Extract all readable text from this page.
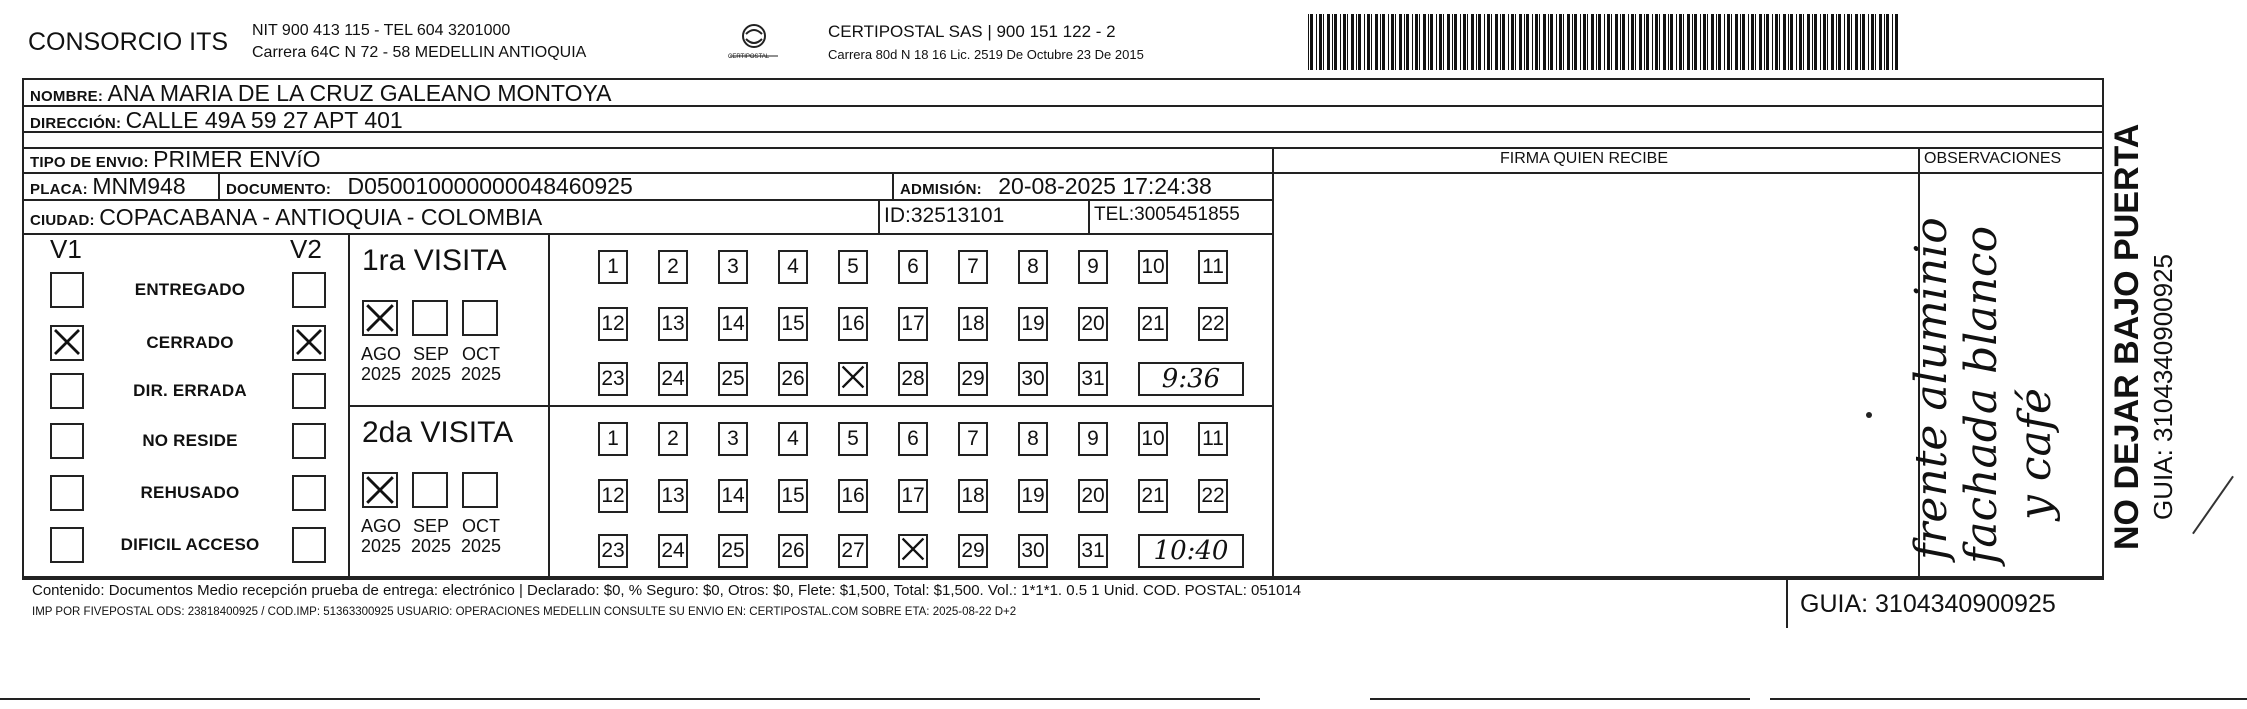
CONSORCIO ITS NIT 900 413 115 - TEL 604 3201000
Carrera 64C N 72 - 58 MEDELLIN ANTIOQUIA	CERTIPOSTAL
CERTIPOSTAL SAS | 900 151 122 - 2
Carrera 80d N 18 16 Lic. 2519 De Octubre 23 De 2015
NOMBRE: ANA MARIA DE LA CRUZ GALEANO MONTOYA
DIRECCIÓN: CALLE 49A 59 27 APT 401
TIPO DE ENVIO: PRIMER ENVíO
PLACA: MNM948	DOCUMENTO: D050010000000048460925	ADMISIÓN: 20-08-2025 17:24:38
CIUDAD: COPACABANA - ANTIOQUIA - COLOMBIA	ID:32513101	TEL:3005451855
FIRMA QUIEN RECIBE	OBSERVACIONES
frente aluminio fachada blanco y café
V1	V2
ENTREGADO
CERRADO
DIR. ERRADA
NO RESIDE
REHUSADO
DIFICIL ACCESO
1ra VISITA
AGO
2025
SEP
2025
OCT
2025
1	2	3	4	5	6	7	8	9	10 11
12 13 14 15 16 17 18 19 20 21 22
23 24 25 26	28 29 30 31	9:36
2da VISITA
AGO
2025
SEP
2025
OCT
2025
1	2	3	4	5	6	7	8	9	10 11
12 13 14 15 16 17 18 19 20 21 22
23 24 25 26 27	29 30 31	10:40
Contenido: Documentos Medio recepción prueba de entrega: electrónico | Declarado: $0, % Seguro: $0, Otros: $0, Flete: $1,500, Total: $1,500. Vol.: 1*1*1. 0.5 1 Unid. COD. POSTAL: 051014
IMP POR FIVEPOSTAL ODS: 23818400925 / COD.IMP: 51363300925 USUARIO: OPERACIONES MEDELLIN CONSULTE SU ENVIO EN: CERTIPOSTAL.COM SOBRE ETA: 2025-08-22 D+2	GUIA: 3104340900925
NO DEJAR BAJO PUERTA GUIA: 3104340900925
